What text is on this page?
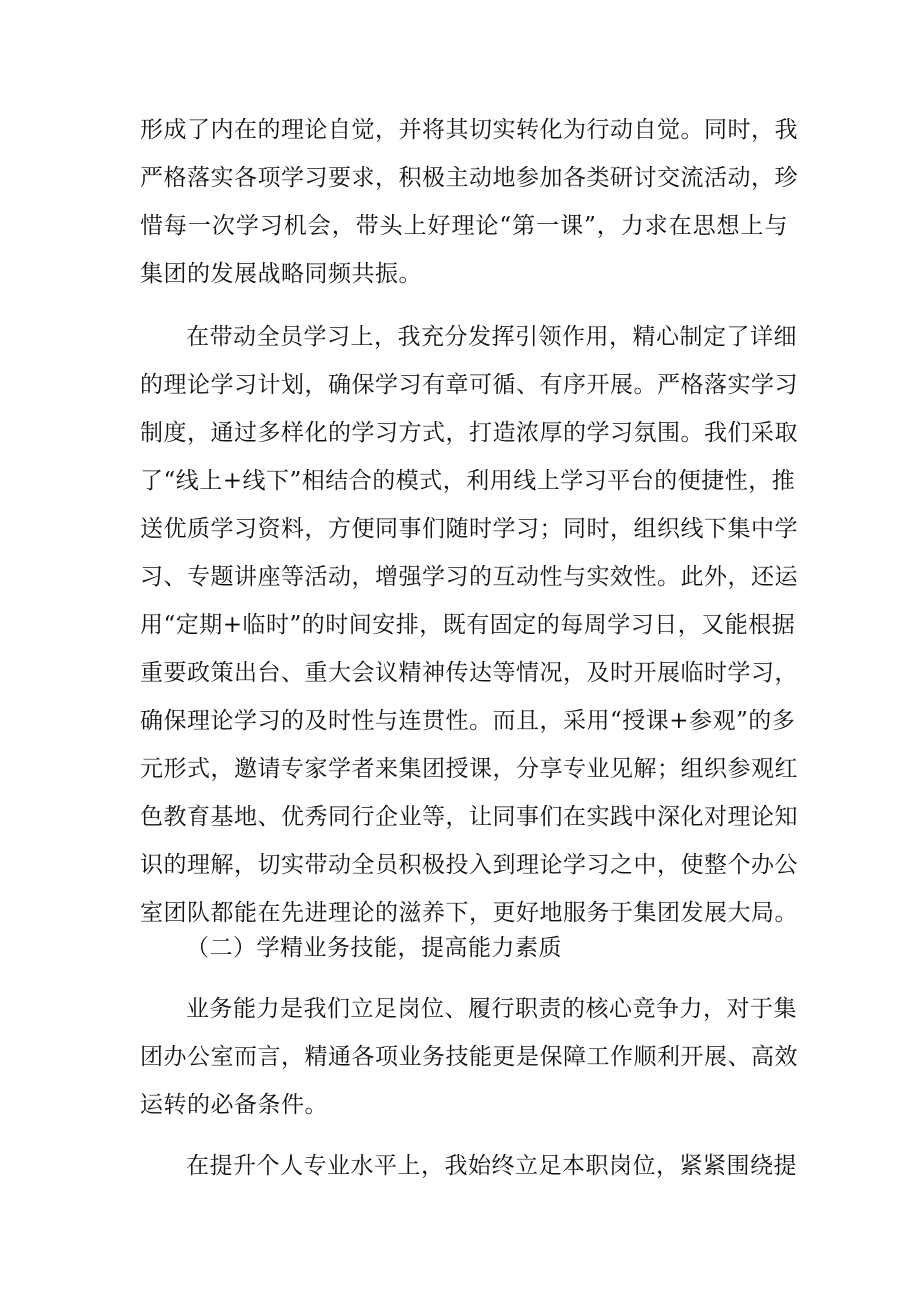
形成了内在的理论自觉，并将其切实转化为行动自觉。同时，我
严格落实各项学习要求，积极主动地参加各类研讨交流活动，珍
惜每一次学习机会，带头上好理论“第一课”，力求在思想上与
集团的发展战略同频共振。
在带动全员学习上，我充分发挥引领作用，精心制定了详细
的理论学习计划，确保学习有章可循、有序开展。严格落实学习
制度，通过多样化的学习方式，打造浓厚的学习氛围。我们采取
了“线上+线下”相结合的模式，利用线上学习平台的便捷性，推
送优质学习资料，方便同事们随时学习；同时，组织线下集中学
习、专题讲座等活动，增强学习的互动性与实效性。此外，还运
用“定期+临时”的时间安排，既有固定的每周学习日，又能根据
重要政策出台、重大会议精神传达等情况，及时开展临时学习，
确保理论学习的及时性与连贯性。而且，采用“授课+参观”的多
元形式，邀请专家学者来集团授课，分享专业见解；组织参观红
色教育基地、优秀同行企业等，让同事们在实践中深化对理论知
识的理解，切实带动全员积极投入到理论学习之中，使整个办公
室团队都能在先进理论的滋养下，更好地服务于集团发展大局。
（二）学精业务技能，提高能力素质
业务能力是我们立足岗位、履行职责的核心竞争力，对于集
团办公室而言，精通各项业务技能更是保障工作顺利开展、高效
运转的必备条件。
在提升个人专业水平上，我始终立足本职岗位，紧紧围绕提
